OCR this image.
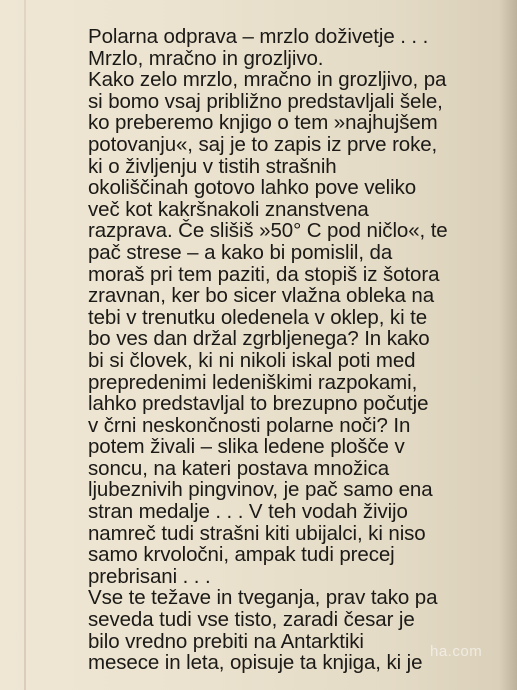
Polarna odprava – mrzlo doživetje . . .
Mrzlo, mračno in grozljivo.
Kako zelo mrzlo, mračno in grozljivo, pa
si bomo vsaj približno predstavljali šele,
ko preberemo knjigo o tem »najhujšem
potovanju«, saj je to zapis iz prve roke,
ki o življenju v tistih strašnih
okoliščinah gotovo lahko pove veliko
več kot kakršnakoli znanstvena
razprava. Če slišiš »50° C pod ničlo«, te
pač strese – a kako bi pomislil, da
moraš pri tem paziti, da stopiš iz šotora
zravnan, ker bo sicer vlažna obleka na
tebi v trenutku oledenela v oklep, ki te
bo ves dan držal zgrbljenega? In kako
bi si človek, ki ni nikoli iskal poti med
prepredenimi ledeniškimi razpokami,
lahko predstavljal to brezupno počutje
v črni neskončnosti polarne noči? In
potem živali – slika ledene plošče v
soncu, na kateri postava množica
ljubeznivih pingvinov, je pač samo ena
stran medalje . . . V teh vodah živijo
namreč tudi strašni kiti ubijalci, ki niso
samo krvoločni, ampak tudi precej
prebrisani . . .
Vse te težave in tveganja, prav tako pa
seveda tudi vse tisto, zaradi česar je
bilo vredno prebiti na Antarktiki
mesece in leta, opisuje ta knjiga, ki je ha.com
